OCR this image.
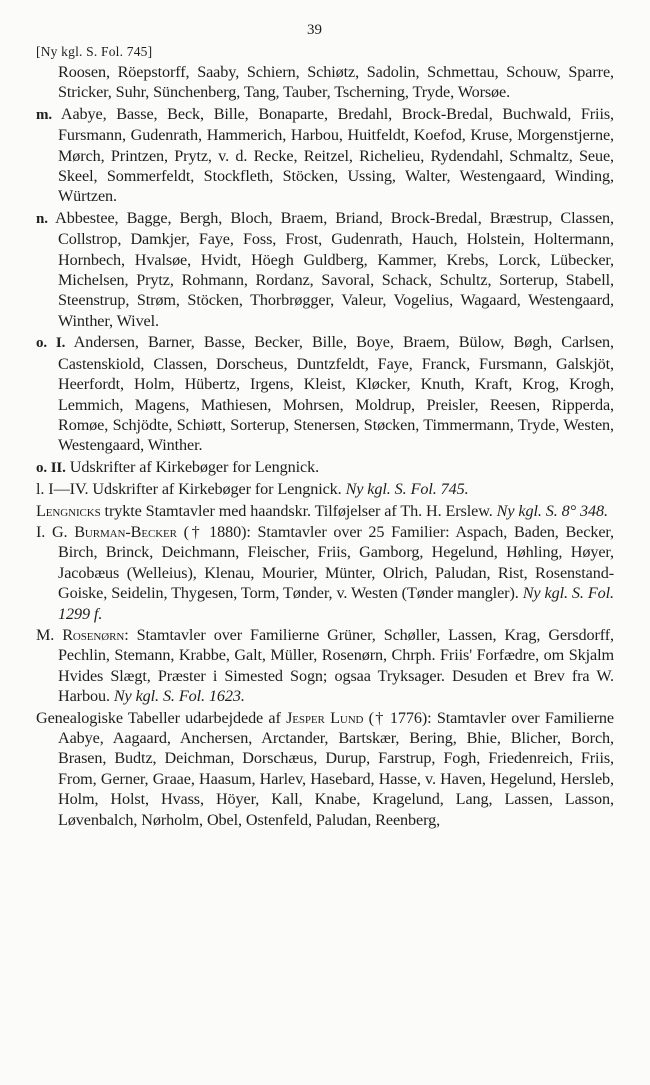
[Ny kgl. S. Fol. 745]
39

Roosen, Röepstorff, Saaby, Schiern, Schiøtz, Sadolin, Schmettau, Schouw, Sparre, Stricker, Suhr, Sünchenberg, Tang, Tauber, Tscherning, Tryde, Worsøe.

m. Aabye, Basse, Beck, Bille, Bonaparte, Bredahl, Brock-Bredal, Buchwald, Friis, Fursmann, Gudenrath, Hammerich, Harbou, Huitfeldt, Koefod, Kruse, Morgenstjerne, Mørch, Printzen, Prytz, v. d. Recke, Reitzel, Richelieu, Rydendahl, Schmaltz, Seue, Skeel, Sommerfeldt, Stockfleth, Stöcken, Ussing, Walter, Westengaard, Winding, Würtzen.

n. Abbestee, Bagge, Bergh, Bloch, Braem, Briand, Brock-Bredal, Bræstrup, Classen, Collstrop, Damkjer, Faye, Foss, Frost, Gudenrath, Hauch, Holstein, Holtermann, Hornbech, Hvalsøe, Hvidt, Höegh Guldberg, Kammer, Krebs, Lorck, Lübecker, Michelsen, Prytz, Rohmann, Rordanz, Savoral, Schack, Schultz, Sorterup, Stabell, Steenstrup, Strøm, Stöcken, Thorbrøgger, Valeur, Vogelius, Wagaard, Westengaard, Winther, Wivel.

o. I. Andersen, Barner, Basse, Becker, Bille, Boye, Braem, Bülow, Bøgh, Carlsen, Castenskiold, Classen, Dorscheus, Duntzfeldt, Faye, Franck, Fursmann, Galskjöt, Heerfordt, Holm, Hübertz, Irgens, Kleist, Kløcker, Knuth, Kraft, Krog, Krogh, Lemmich, Magens, Mathiesen, Mohrsen, Moldrup, Preisler, Reesen, Ripperda, Romøe, Schjödte, Schiøtt, Sorterup, Stenersen, Støcken, Timmermann, Tryde, Westen, Westengaard, Winther.

o. II. Udskrifter af Kirkebøger for Lengnick.

l. I—IV. Udskrifter af Kirkebøger for Lengnick. Ny kgl. S. Fol. 745.

Lengnicks trykte Stamtavler med haandskr. Tilføjelser af Th. H. Erslew. Ny kgl. S. 8° 348.

I. G. Burman-Becker († 1880): Stamtavler over 25 Familier: Aspach, Baden, Becker, Birch, Brinck, Deichmann, Fleischer, Friis, Gamborg, Hegelund, Høhling, Høyer, Jacobæus (Welleius), Klenau, Mourier, Münter, Olrich, Paludan, Rist, Rosenstand-Goiske, Seidelin, Thygesen, Torm, Tønder, v. Westen (Tønder mangler). Ny kgl. S. Fol. 1299 f.

M. Rosenørn: Stamtavler over Familierne Grüner, Schøller, Lassen, Krag, Gersdorff, Pechlin, Stemann, Krabbe, Galt, Müller, Rosenørn, Chrph. Friis' Forfædre, om Skjalm Hvides Slægt, Præster i Simested Sogn; ogsaa Tryksager. Desuden et Brev fra W. Harbou. Ny kgl. S. Fol. 1623.

Genealogiske Tabeller udarbejdede af Jesper Lund († 1776): Stamtavler over Familierne Aabye, Aagaard, Anchersen, Arctander, Bartskær, Bering, Bhie, Blicher, Borch, Brasen, Budtz, Deichman, Dorschæus, Durup, Farstrup, Fogh, Friedenreich, Friis, From, Gerner, Graae, Haasum, Harlev, Hasebard, Hasse, v. Haven, Hegelund, Hersleb, Holm, Holst, Hvass, Höyer, Kall, Knabe, Kragelund, Lang, Lassen, Lasson, Løvenbalch, Nørholm, Obel, Ostenfeld, Paludan, Reenberg,
